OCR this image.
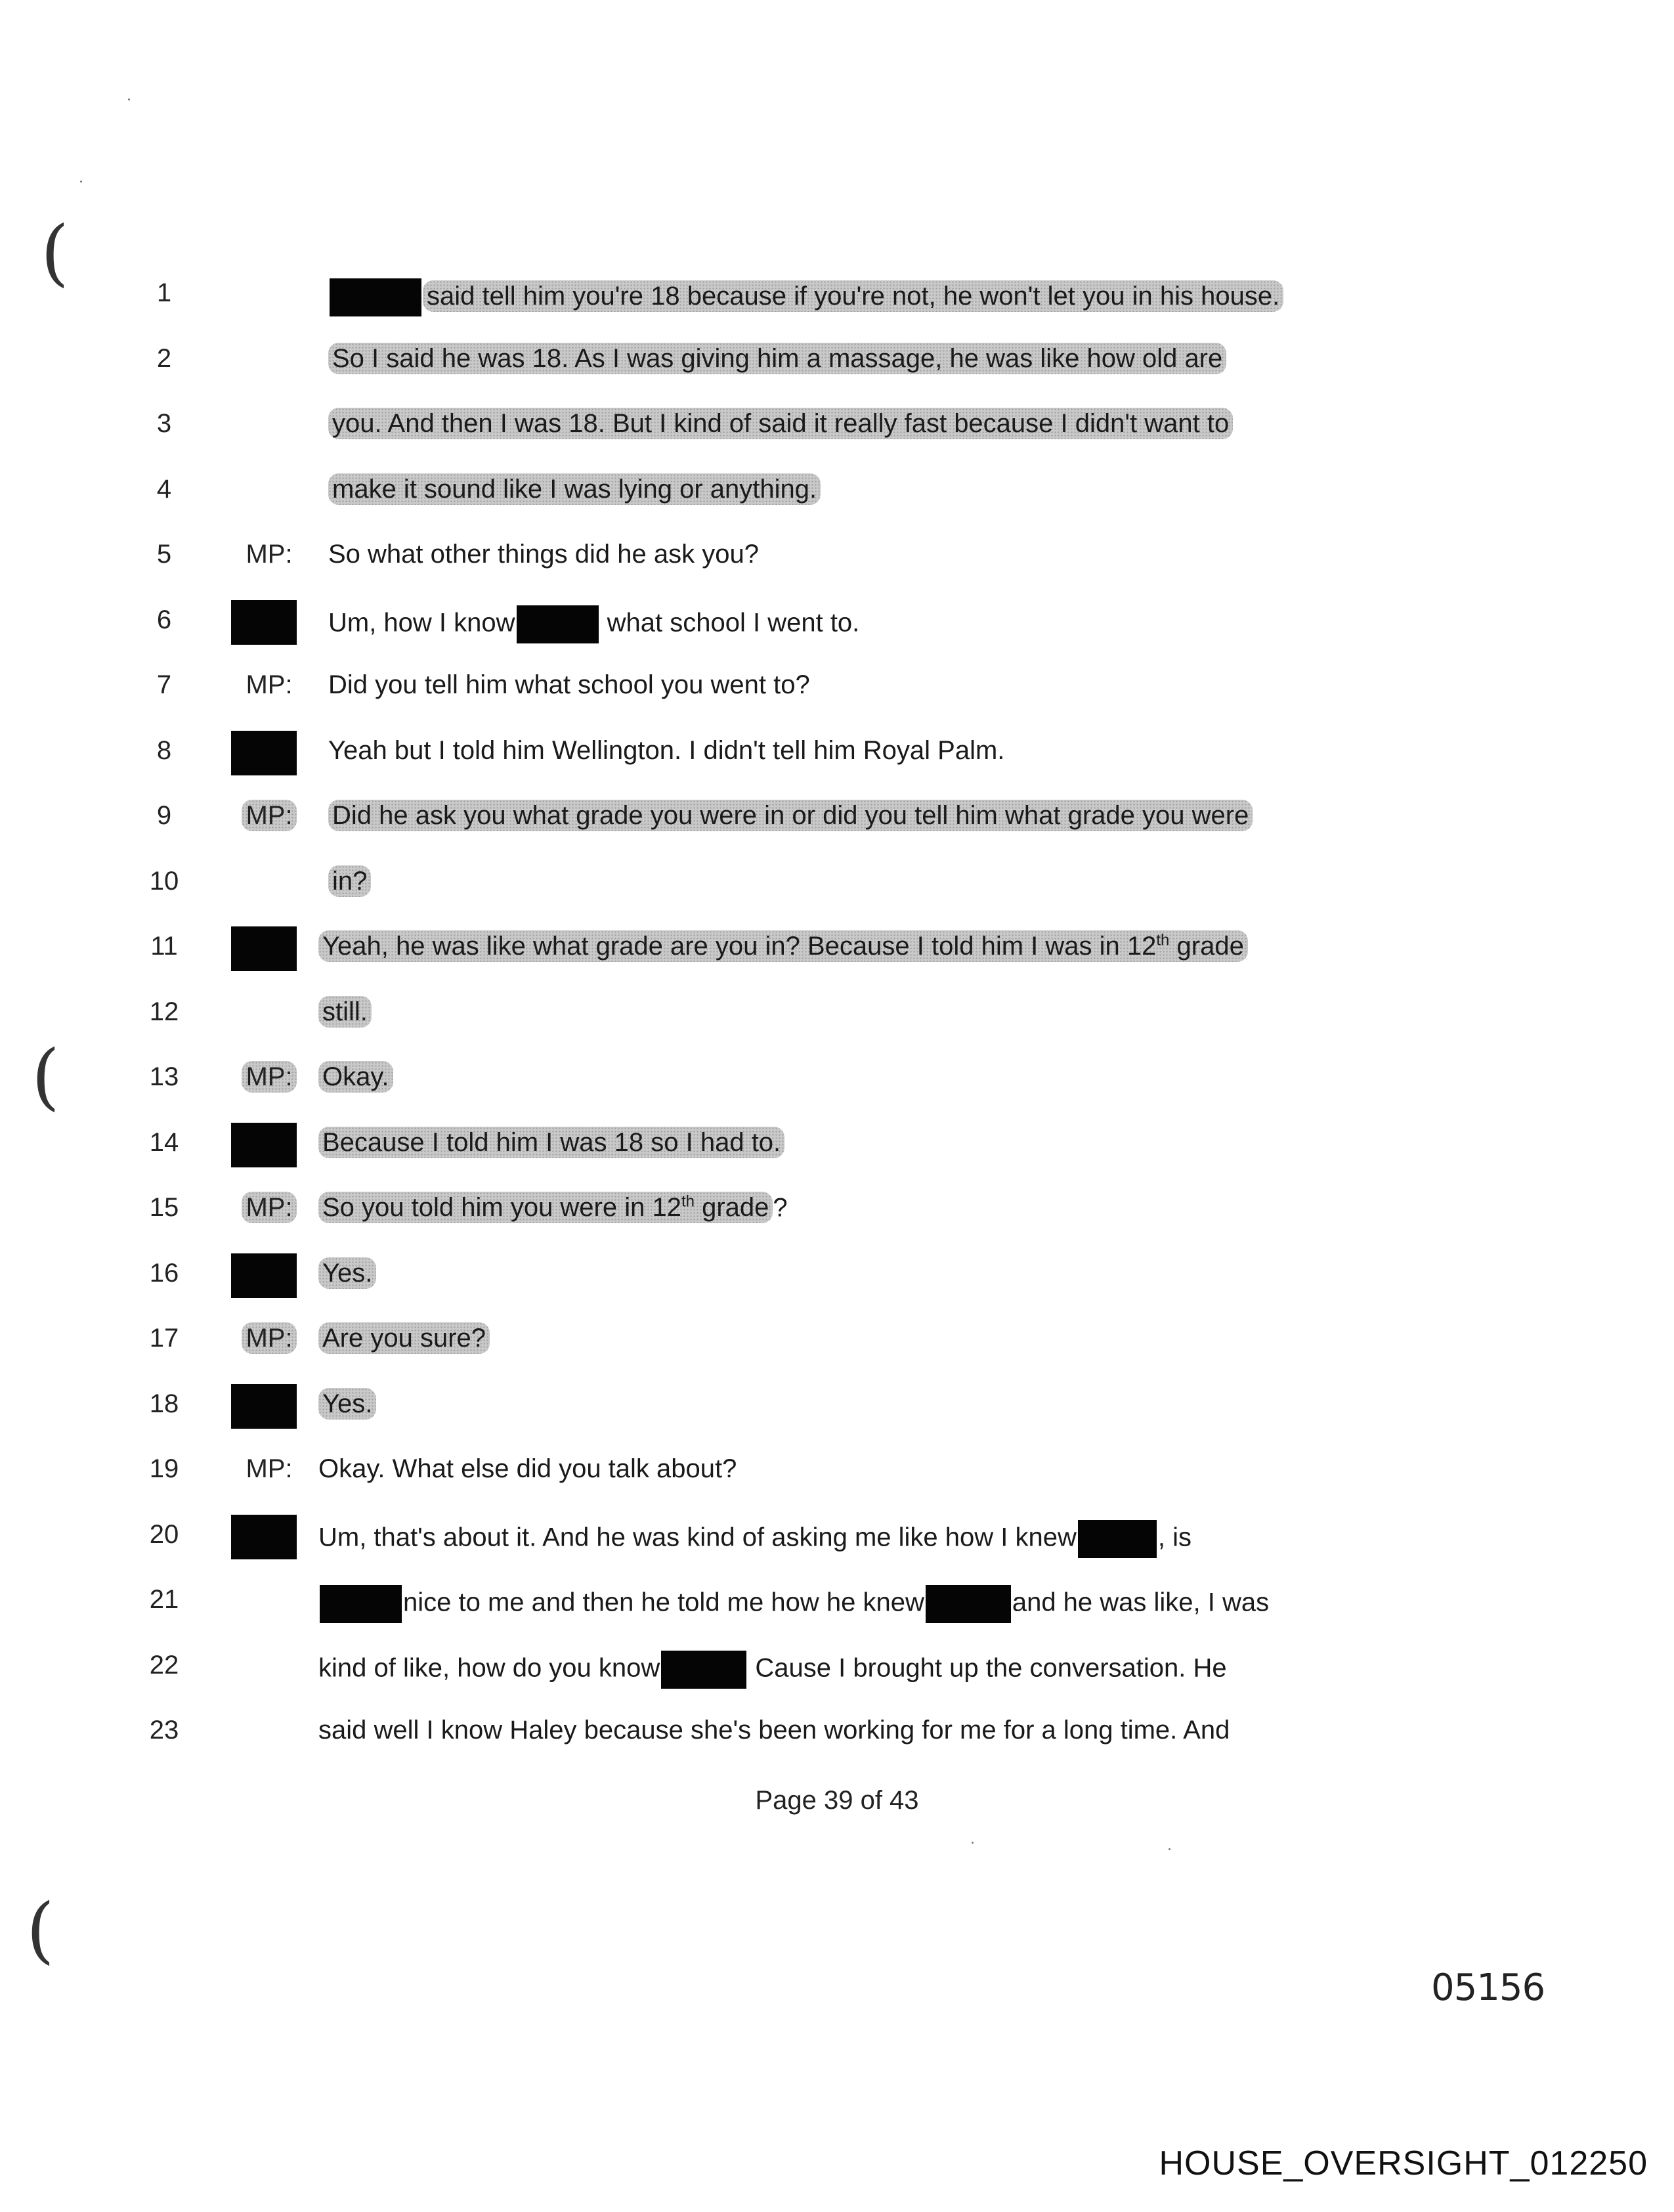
1	said tell him you're 18 because if you're not, he won't let you in his house.
2	So I said he was 18. As I was giving him a massage, he was like how old are
3	you. And then I was 18. But I kind of said it really fast because I didn't want to
4	make it sound like I was lying or anything.
5	MP:	So what other things did he ask you?
6	Um, how I know	what school I went to.
7	MP:	Did you tell him what school you went to?
8	Yeah but I told him Wellington. I didn't tell him Royal Palm.
9	MP:	Did he ask you what grade you were in or did you tell him what grade you were
10	in?
11	Yeah, he was like what grade are you in? Because I told him I was in 12th grade
12	still.
13	MP:	Okay.
14	Because I told him I was 18 so I had to.
15	MP:	So you told him you were in 12th grade ?
16	Yes.
17	MP:	Are you sure?
18	Yes.
19	MP: Okay. What else did you talk about?
20	Um, that's about it. And he was kind of asking me like how I knew	, is
21	nice to me and then he told me how he knew	and he was like, I was
22	kind of like, how do you know	Cause I brought up the conversation. He
23	said well I know Haley because she's been working for me for a long time. And
Page 39 of 43
05156
HOUSE_OVERSIGHT_012250
(
(
(
